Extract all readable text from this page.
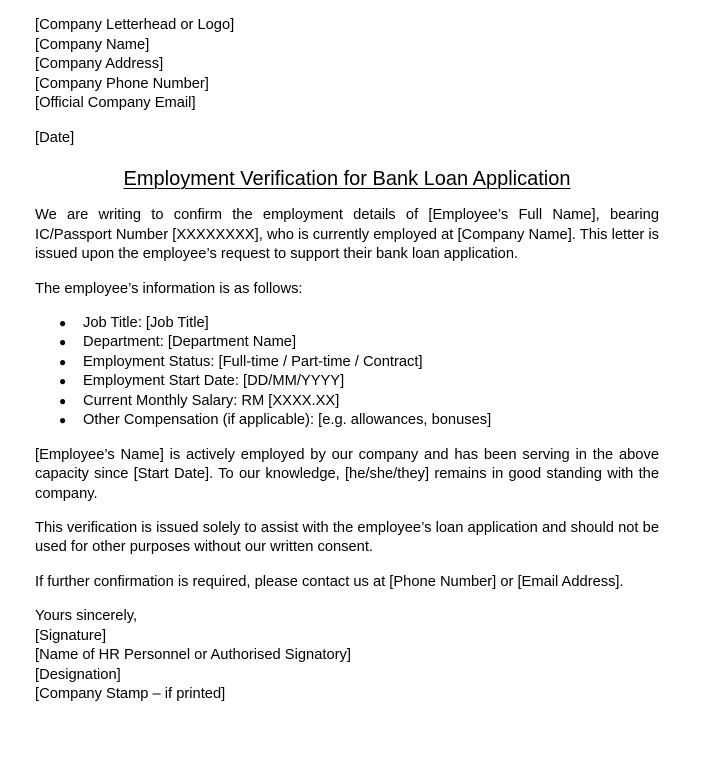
[Company Letterhead or Logo]
[Company Name]
[Company Address]
[Company Phone Number]
[Official Company Email]
[Date]
Employment Verification for Bank Loan Application

We are writing to confirm the employment details of [Employee’s Full Name], bearing IC/Passport Number [XXXXXXXX], who is currently employed at [Company Name]. This letter is issued upon the employee’s request to support their bank loan application.

The employee’s information is as follows:

● Job Title: [Job Title]
● Department: [Department Name]
● Employment Status: [Full-time / Part-time / Contract]
● Employment Start Date: [DD/MM/YYYY]
● Current Monthly Salary: RM [XXXX.XX]
● Other Compensation (if applicable): [e.g. allowances, bonuses]

[Employee’s Name] is actively employed by our company and has been serving in the above capacity since [Start Date]. To our knowledge, [he/she/they] remains in good standing with the company.

This verification is issued solely to assist with the employee’s loan application and should not be used for other purposes without our written consent.

If further confirmation is required, please contact us at [Phone Number] or [Email Address].

Yours sincerely,
[Signature]
[Name of HR Personnel or Authorised Signatory]
[Designation]
[Company Stamp – if printed]
